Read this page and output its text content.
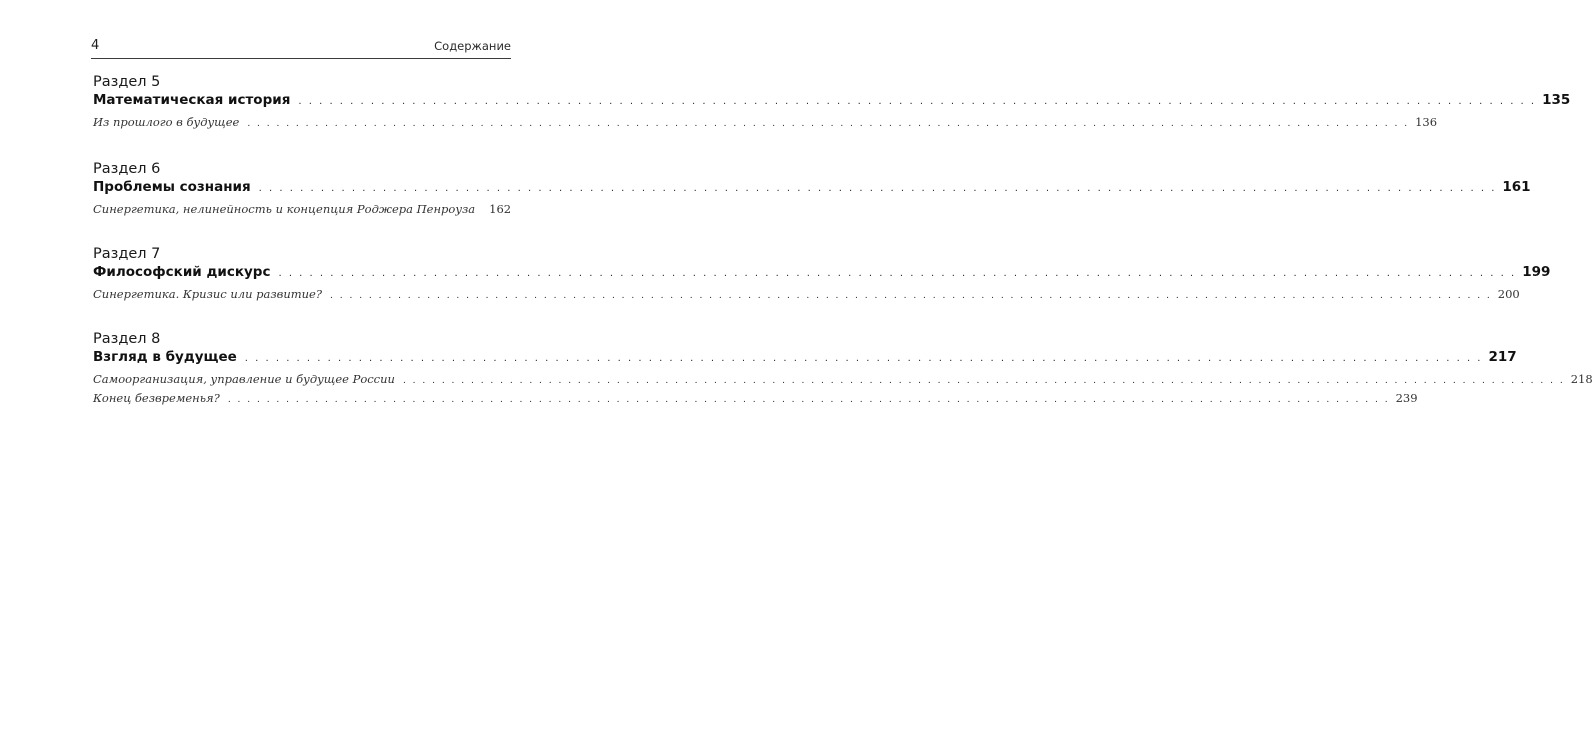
4	Содержание
Раздел 5
Математическая история . . . . . . . . . . . . . . . . . . . . . . . . . . . . . . . . . . . . . . . . . . . . . . . . . . . . . . . . . . . . . . . . . . . . . . . . . . . . . . . . . . . . . . . . . . . . . . . . . . . . . . . . . . . . . . . . . . . . . . . . 135
Из прошлого в будущее . . . . . . . . . . . . . . . . . . . . . . . . . . . . . . . . . . . . . . . . . . . . . . . . . . . . . . . . . . . . . . . . . . . . . . . . . . . . . . . . . . . . . . . . . . . . . . . . . . . . . . . . . . . . . . . . . . . . . . . . 136
Раздел 6
Проблемы сознания . . . . . . . . . . . . . . . . . . . . . . . . . . . . . . . . . . . . . . . . . . . . . . . . . . . . . . . . . . . . . . . . . . . . . . . . . . . . . . . . . . . . . . . . . . . . . . . . . . . . . . . . . . . . . . . . . . . . . . . . 161
Синергетика, нелинейность и концепция Роджера Пенроуза 162
Раздел 7
Философский дискурс . . . . . . . . . . . . . . . . . . . . . . . . . . . . . . . . . . . . . . . . . . . . . . . . . . . . . . . . . . . . . . . . . . . . . . . . . . . . . . . . . . . . . . . . . . . . . . . . . . . . . . . . . . . . . . . . . . . . . . . . 199
Синергетика. Кризис или развитие? . . . . . . . . . . . . . . . . . . . . . . . . . . . . . . . . . . . . . . . . . . . . . . . . . . . . . . . . . . . . . . . . . . . . . . . . . . . . . . . . . . . . . . . . . . . . . . . . . . . . . . . . . . . . . . . . . . . . . . . . 200
Раздел 8
Взгляд в будущее . . . . . . . . . . . . . . . . . . . . . . . . . . . . . . . . . . . . . . . . . . . . . . . . . . . . . . . . . . . . . . . . . . . . . . . . . . . . . . . . . . . . . . . . . . . . . . . . . . . . . . . . . . . . . . . . . . . . . . . . 217
Самоорганизация, управление и будущее России . . . . . . . . . . . . . . . . . . . . . . . . . . . . . . . . . . . . . . . . . . . . . . . . . . . . . . . . . . . . . . . . . . . . . . . . . . . . . . . . . . . . . . . . . . . . . . . . . . . . . . . . . . . . . . . . . . . . . . . . 218
Конец безвременья? . . . . . . . . . . . . . . . . . . . . . . . . . . . . . . . . . . . . . . . . . . . . . . . . . . . . . . . . . . . . . . . . . . . . . . . . . . . . . . . . . . . . . . . . . . . . . . . . . . . . . . . . . . . . . . . . . . . . . . . . 239
